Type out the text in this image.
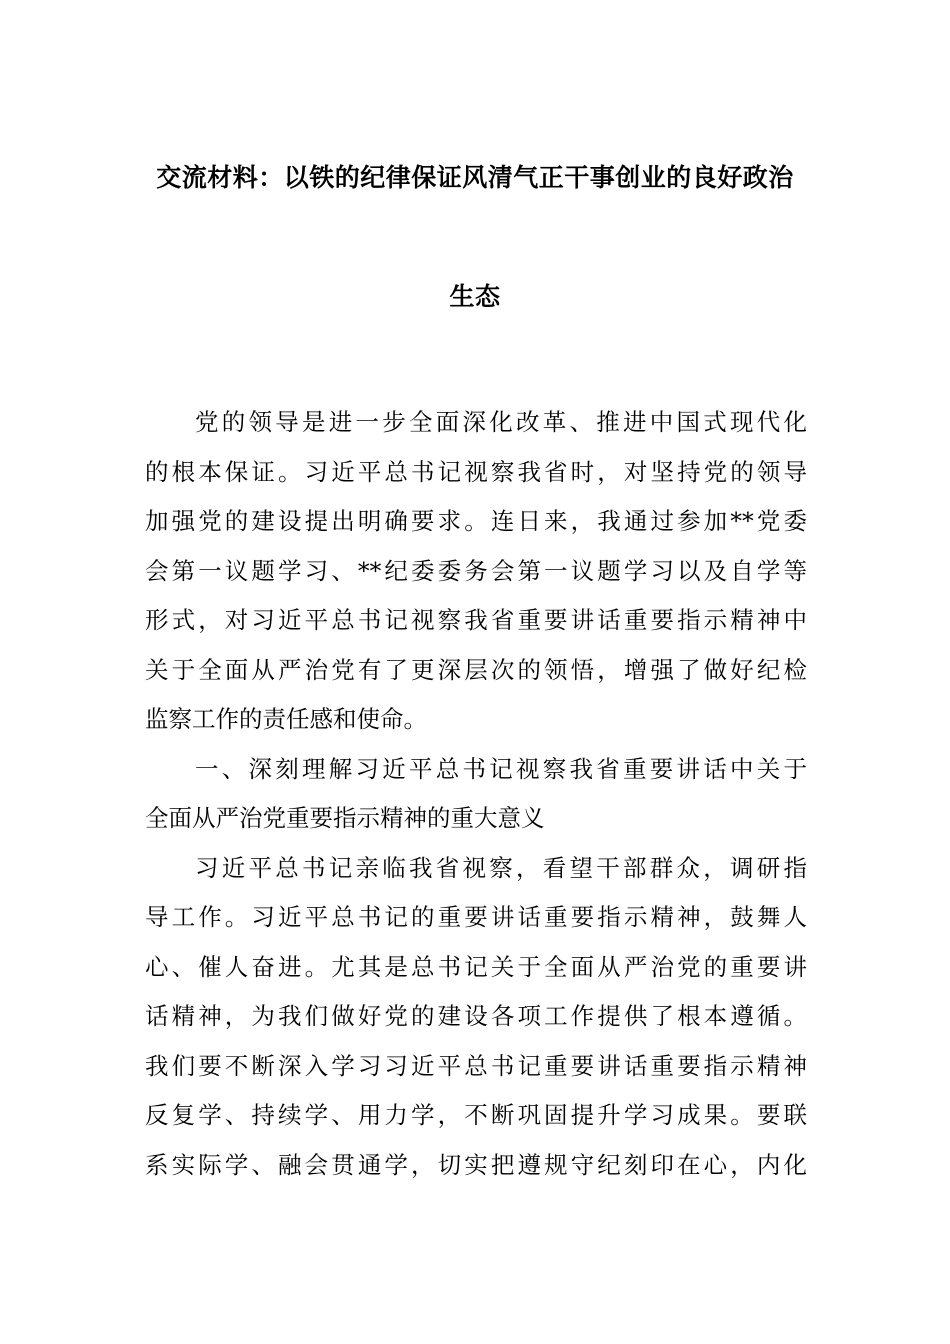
交流材料：以铁的纪律保证风清气正干事创业的良好政治
生态
党的领导是进一步全面深化改革、推进中国式现代化
的根本保证。习近平总书记视察我省时，对坚持党的领导
加强党的建设提出明确要求。连日来，我通过参加**党委
会第一议题学习、**纪委委务会第一议题学习以及自学等
形式，对习近平总书记视察我省重要讲话重要指示精神中
关于全面从严治党有了更深层次的领悟，增强了做好纪检
监察工作的责任感和使命。
一、深刻理解习近平总书记视察我省重要讲话中关于
全面从严治党重要指示精神的重大意义
习近平总书记亲临我省视察，看望干部群众，调研指
导工作。习近平总书记的重要讲话重要指示精神，鼓舞人
心、催人奋进。尤其是总书记关于全面从严治党的重要讲
话精神，为我们做好党的建设各项工作提供了根本遵循。
我们要不断深入学习习近平总书记重要讲话重要指示精神
反复学、持续学、用力学，不断巩固提升学习成果。要联
系实际学、融会贯通学，切实把遵规守纪刻印在心，内化
